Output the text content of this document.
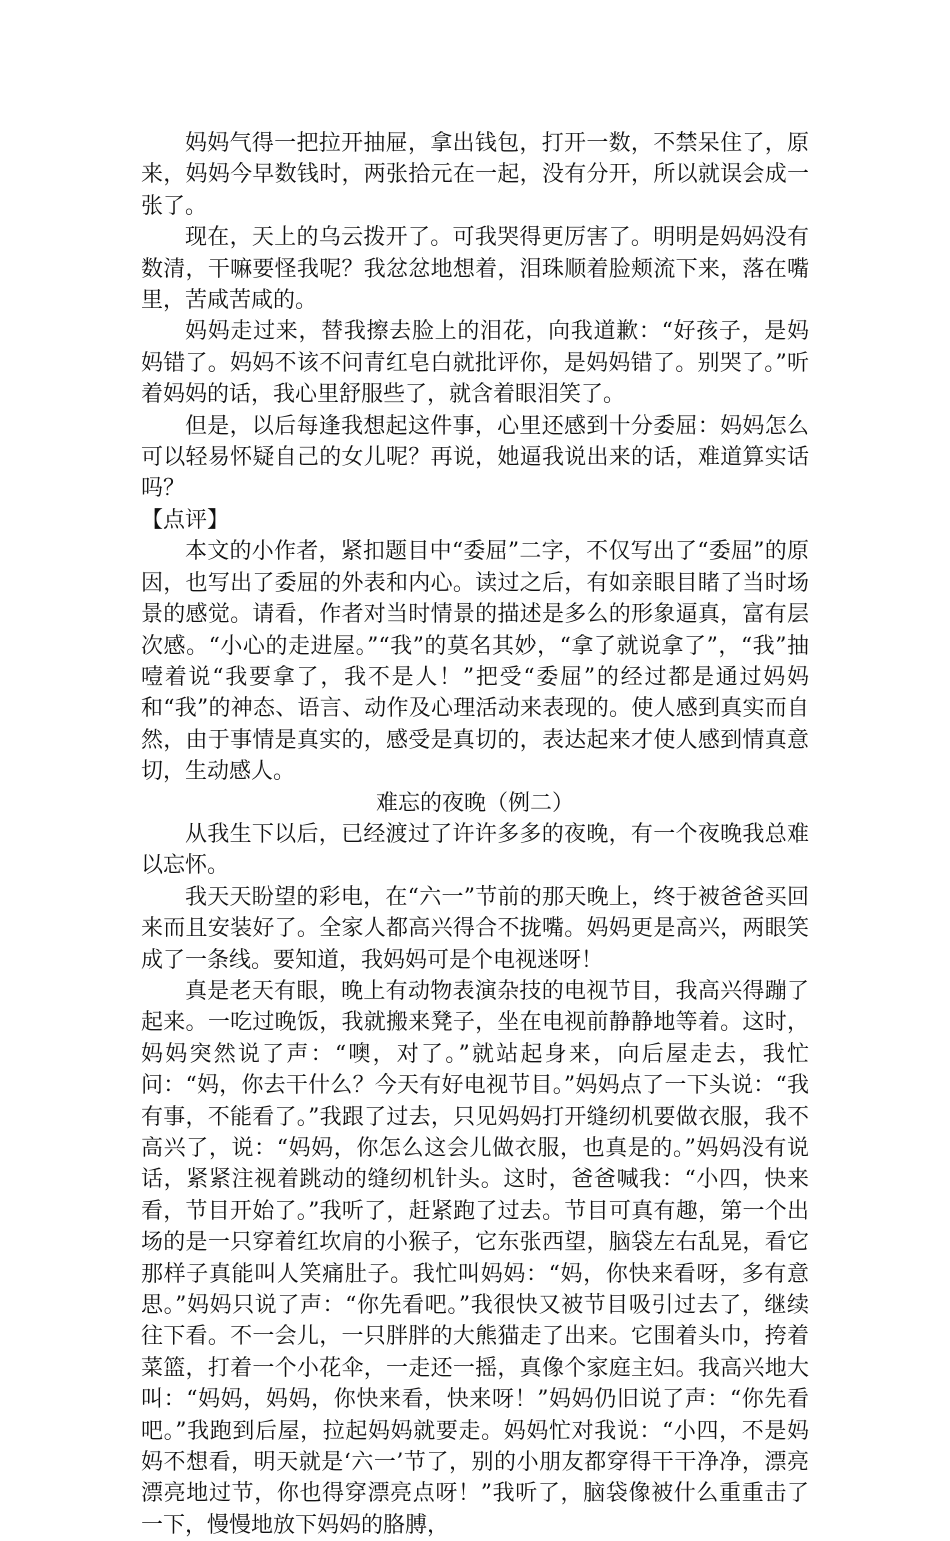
妈妈气得一把拉开抽屉，拿出钱包，打开一数，不禁呆住了，原来，妈妈今早数钱时，两张拾元在一起，没有分开，所以就误会成一张了。

现在，天上的乌云拨开了。可我哭得更厉害了。明明是妈妈没有数清，干嘛要怪我呢？我忿忿地想着，泪珠顺着脸颊流下来，落在嘴里，苦咸苦咸的。

妈妈走过来，替我擦去脸上的泪花，向我道歉：“好孩子，是妈妈错了。妈妈不该不问青红皂白就批评你，是妈妈错了。别哭了。”听着妈妈的话，我心里舒服些了，就含着眼泪笑了。

但是，以后每逢我想起这件事，心里还感到十分委屈：妈妈怎么可以轻易怀疑自己的女儿呢？再说，她逼我说出来的话，难道算实话吗？

【点评】

本文的小作者，紧扣题目中“委屈”二字，不仅写出了“委屈”的原因，也写出了委屈的外表和内心。读过之后，有如亲眼目睹了当时场景的感觉。请看，作者对当时情景的描述是多么的形象逼真，富有层次感。“小心的走进屋。”“我”的莫名其妙，“拿了就说拿了”，“我”抽噎着说“我要拿了，我不是人！”把受“委屈”的经过都是通过妈妈和“我”的神态、语言、动作及心理活动来表现的。使人感到真实而自然，由于事情是真实的，感受是真切的，表达起来才使人感到情真意切，生动感人。

难忘的夜晚（例二）

从我生下以后，已经渡过了许许多多的夜晚，有一个夜晚我总难以忘怀。

我天天盼望的彩电，在“六一”节前的那天晚上，终于被爸爸买回来而且安装好了。全家人都高兴得合不拢嘴。妈妈更是高兴，两眼笑成了一条线。要知道，我妈妈可是个电视迷呀！

真是老天有眼，晚上有动物表演杂技的电视节目，我高兴得蹦了起来。一吃过晚饭，我就搬来凳子，坐在电视前静静地等着。这时，妈妈突然说了声：“噢，对了。”就站起身来，向后屋走去，我忙问：“妈，你去干什么？今天有好电视节目。”妈妈点了一下头说：“我有事，不能看了。”我跟了过去，只见妈妈打开缝纫机要做衣服，我不高兴了，说：“妈妈，你怎么这会儿做衣服，也真是的。”妈妈没有说话，紧紧注视着跳动的缝纫机针头。这时，爸爸喊我：“小四，快来看，节目开始了。”我听了，赶紧跑了过去。节目可真有趣，第一个出场的是一只穿着红坎肩的小猴子，它东张西望，脑袋左右乱晃，看它那样子真能叫人笑痛肚子。我忙叫妈妈：“妈，你快来看呀，多有意思。”妈妈只说了声：“你先看吧。”我很快又被节目吸引过去了，继续往下看。不一会儿，一只胖胖的大熊猫走了出来。它围着头巾，挎着菜篮，打着一个小花伞，一走还一摇，真像个家庭主妇。我高兴地大叫：“妈妈，妈妈，你快来看，快来呀！”妈妈仍旧说了声：“你先看吧。”我跑到后屋，拉起妈妈就要走。妈妈忙对我说：“小四，不是妈妈不想看，明天就是‘六一’节了，别的小朋友都穿得干干净净，漂亮漂亮地过节，你也得穿漂亮点呀！”我听了，脑袋像被什么重重击了一下，慢慢地放下妈妈的胳膊，
